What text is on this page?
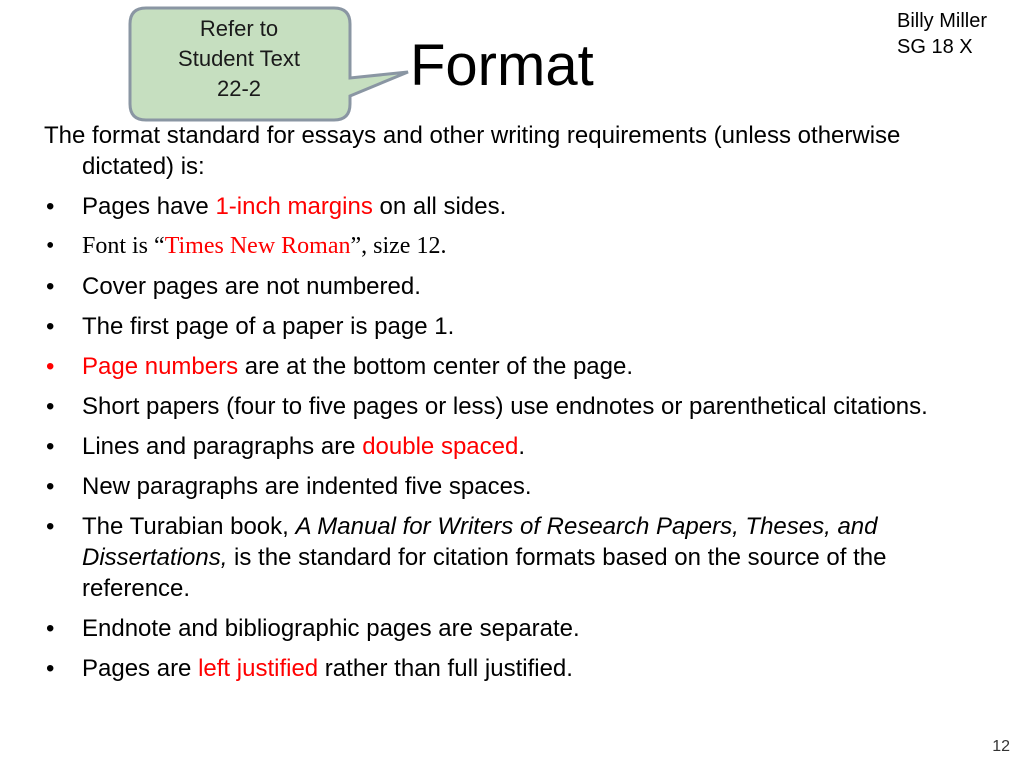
Refer to
Student Text
22-2	Format
Billy Miller
SG 18 X

The format standard for essays and other writing requirements (unless otherwise dictated) is:

• Pages have 1-inch margins on all sides.
• Font is “Times New Roman”, size 12.
• Cover pages are not numbered.
• The first page of a paper is page 1.
• Page numbers are at the bottom center of the page.
• Short papers (four to five pages or less) use endnotes or parenthetical citations.
• Lines and paragraphs are double spaced.
• New paragraphs are indented five spaces.
• The Turabian book, A Manual for Writers of Research Papers, Theses, and Dissertations, is the standard for citation formats based on the source of the reference.
• Endnote and bibliographic pages are separate.
• Pages are left justified rather than full justified.
12
